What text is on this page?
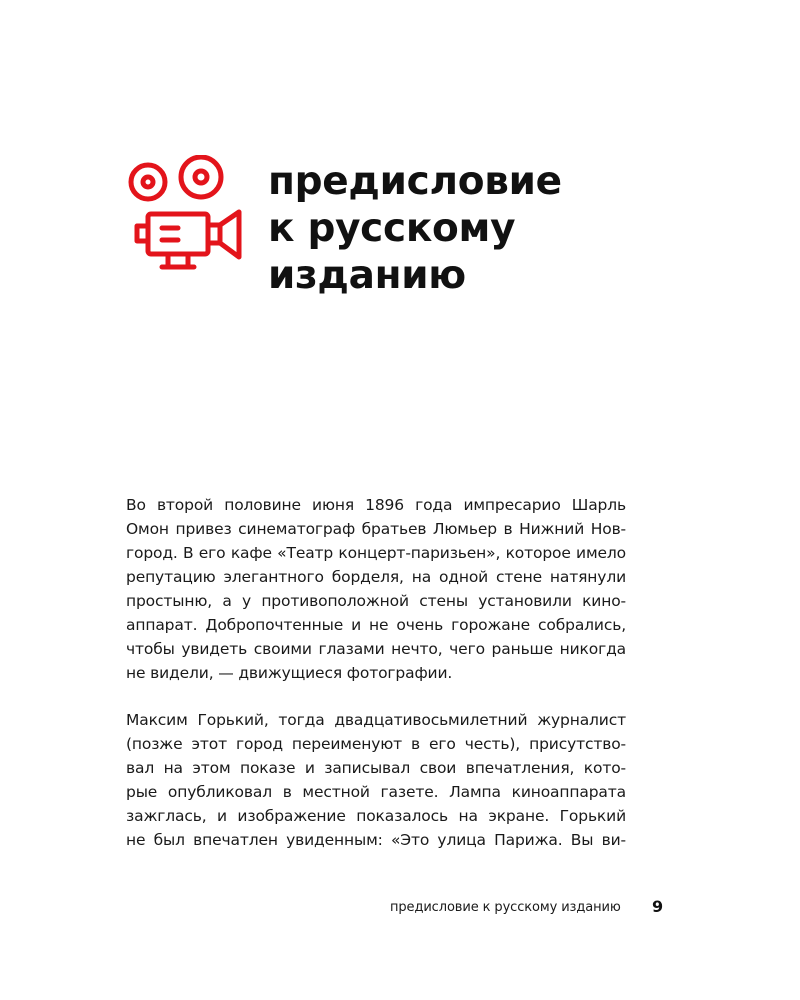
предисловие
к русскому
изданию

Во второй половине июня 1896 года импресарио Шарль
Омон привез синематограф братьев Люмьер в Нижний Нов-
город. В его кафе «Театр концерт-паризьен», которое имело
репутацию элегантного борделя, на одной стене натянули
простыню, а у противоположной стены установили кино-
аппарат. Добропочтенные и не очень горожане собрались,
чтобы увидеть своими глазами нечто, чего раньше никогда
не видели, — движущиеся фотографии.

Максим Горький, тогда двадцативосьмилетний журналист
(позже этот город переименуют в его честь), присутство-
вал на этом показе и записывал свои впечатления, кото-
рые опубликовал в местной газете. Лампа киноаппарата
зажглась, и изображение показалось на экране. Горький
не был впечатлен увиденным: «Это улица Парижа. Вы ви-

предисловие к русскому изданию 9
